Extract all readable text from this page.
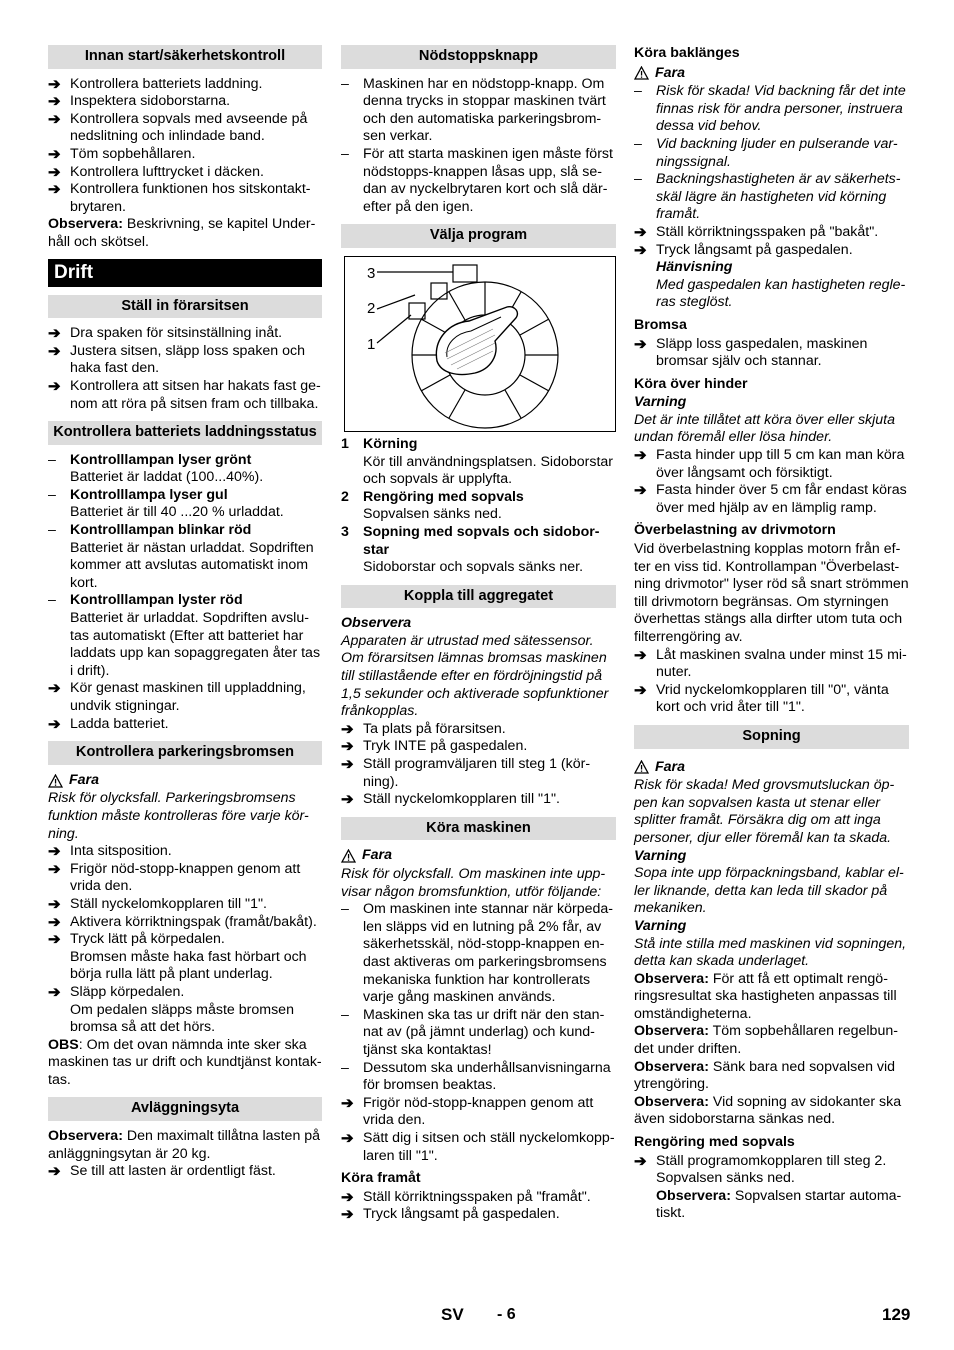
Innan start/säkerhetskontroll
➔ Kontrollera batteriets laddning.
➔ Inspektera sidoborstarna.
➔ Kontrollera sopvals med avseende på nedslitning och inlindade band.
➔ Töm sopbehållaren.
➔ Kontrollera lufttrycket i däcken.
➔ Kontrollera funktionen hos sitskontakt-brytaren.

Observera: Beskrivning, se kapitel Under-håll och skötsel.

Drift
Ställ in förarsitsen
➔ Dra spaken för sitsinställning inåt.
➔ Justera sitsen, släpp loss spaken och haka fast den.
➔ Kontrollera att sitsen har hakats fast ge-nom att röra på sitsen fram och tillbaka.
Kontrollera batteriets laddningsstatus
– Kontrolllampan lyser grönt

Batteriet är laddat (100...40%).

– Kontrolllampa lyser gul

Batteriet är till 40 ...20 % urladdat.

– Kontrolllampan blinkar röd

Batteriet är nästan urladdat. Sopdriften kommer att avslutas automatiskt inom kort.

– Kontrolllampan lyster röd

Batteriet är urladdat. Sopdriften avslu-tas automatiskt (Efter att batteriet har laddats upp kan sopaggregaten åter tas i drift).

➔ Kör genast maskinen till uppladdning, undvik stigningar.
➔ Ladda batteriet.
Kontrollera parkeringsbromsen
Fara

Risk för olycksfall. Parkeringsbromsens funktion måste kontrolleras före varje kör-ning.

➔ Inta sitsposition.
➔ Frigör nöd-stopp-knappen genom att vrida den.
➔ Ställ nyckelomkopplaren till "1".
➔ Aktivera körriktningspak (framåt/bakåt).
➔ Tryck lätt på körpedalen.

Bromsen måste haka fast hörbart och börja rulla lätt på plant underlag.

➔ Släpp körpedalen.

Om pedalen släpps måste bromsen bromsa så att det hörs.

OBS: Om det ovan nämnda inte sker ska maskinen tas ur drift och kundtjänst kontak-tas.

Avläggningsyta

Observera: Den maximalt tillåtna lasten på anläggningsytan är 20 kg.

➔ Se till att lasten är ordentligt fäst.
Nödstoppsknapp
– Maskinen har en nödstopp-knapp. Om denna trycks in stoppar maskinen tvärt och den automatiska parkeringsbrom-sen verkar.
– För att starta maskinen igen måste först nödstopps-knappen låsas upp, slå se-dan av nyckelbrytaren kort och slå där-efter på den igen.
Välja program
3
2
1
1 Körning

Kör till användningsplatsen. Sidoborstar och sopvals är upplyfta.

2 Rengöring med sopvals

Sopvalsen sänks ned.

3 Sopning med sopvals och sidobor-star

Sidoborstar och sopvals sänks ner.

Koppla till aggregatet

Observera

Apparaten är utrustad med sätessensor. Om förarsitsen lämnas bromsas maskinen till stillastående efter en fördröjningstid på 1,5 sekunder och aktiverade sopfunktioner frånkopplas.

➔ Ta plats på förarsitsen.
➔ Tryk INTE på gaspedalen.
➔ Ställ programväljaren till steg 1 (kör-ning).
➔ Ställ nyckelomkopplaren till "1".
Köra maskinen
Fara

Risk för olycksfall. Om maskinen inte upp-visar någon bromsfunktion, utför följande:

– Om maskinen inte stannar när körpeda-len släpps vid en lutning på 2% får, av säkerhetsskäl, nöd-stopp-knappen en-dast aktiveras om parkeringsbromsens mekaniska funktion har kontrollerats varje gång maskinen används.
– Maskinen ska tas ur drift när den stan-nat av (på jämnt underlag) och kund-tjänst ska kontaktas!
– Dessutom ska underhållsanvisningarna för bromsen beaktas.
➔ Frigör nöd-stopp-knappen genom att vrida den.
➔ Sätt dig i sitsen och ställ nyckelomkopp-laren till "1".

Köra framåt

➔ Ställ körriktningsspaken på "framåt".
➔ Tryck långsamt på gaspedalen.

Köra baklänges

Fara
– Risk för skada! Vid backning får det inte finnas risk för andra personer, instruera dessa vid behov.
– Vid backning ljuder en pulserande var-ningssignal.
– Backningshastigheten är av säkerhets-skäl lägre än hastigheten vid körning framåt.
➔ Ställ körriktningsspaken på "bakåt".
➔ Tryck långsamt på gaspedalen.

Hänvisning

Med gaspedalen kan hastigheten regle-ras steglöst.

Bromsa

➔ Släpp loss gaspedalen, maskinen bromsar själv och stannar.

Köra över hinder

Varning

Det är inte tillåtet att köra över eller skjuta undan föremål eller lösa hinder.

➔ Fasta hinder upp till 5 cm kan man köra över långsamt och försiktigt.
➔ Fasta hinder över 5 cm får endast köras över med hjälp av en lämplig ramp.

Överbelastning av drivmotorn

Vid överbelastning kopplas motorn från ef-ter en viss tid. Kontrollampan "Överbelast-ning drivmotor" lyser röd så snart strömmen till drivmotorn begränsas. Om styrningen överhettas stängs alla dirfter utom tuta och filterrengöring av.

➔ Låt maskinen svalna under minst 15 mi-nuter.
➔ Vrid nyckelomkopplaren till "0", vänta kort och vrid åter till "1".
Sopning
Fara

Risk för skada! Med grovsmutsluckan öp-pen kan sopvalsen kasta ut stenar eller splitter framåt. Försäkra dig om att inga personer, djur eller föremål kan ta skada.

Varning

Sopa inte upp förpackningsband, kablar el-ler liknande, detta kan leda till skador på mekaniken.

Varning

Stå inte stilla med maskinen vid sopningen, detta kan skada underlaget.

Observera: För att få ett optimalt rengö-ringsresultat ska hastigheten anpassas till omständigheterna.

Observera: Töm sopbehållaren regelbun-det under driften.

Observera: Sänk bara ned sopvalsen vid ytrengöring.

Observera: Vid sopning av sidokanter ska även sidoborstarna sänkas ned.

Rengöring med sopvals

➔ Ställ programomkopplaren till steg 2. Sopvalsen sänks ned.

Observera: Sopvalsen startar automa-tiskt.

SV - 6	129
